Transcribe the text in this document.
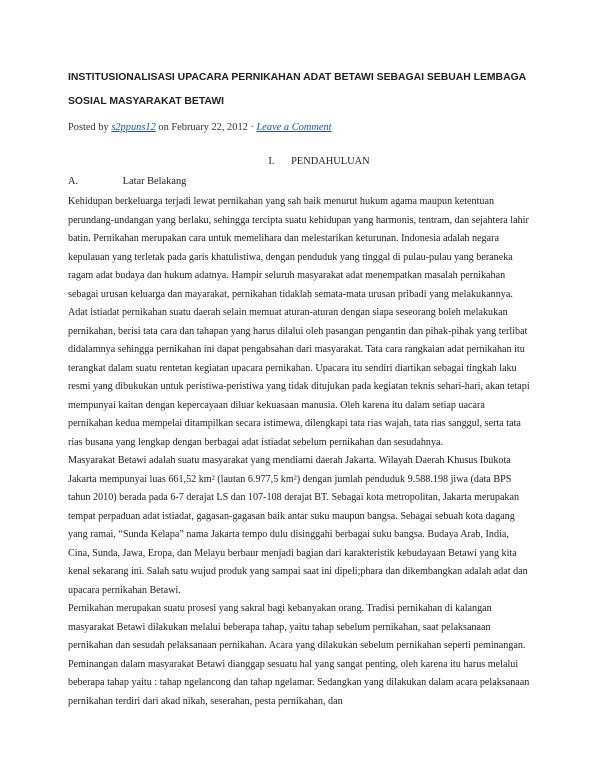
INSTITUSIONALISASI UPACARA PERNIKAHAN ADAT BETAWI SEBAGAI SEBUAH LEMBAGA
SOSIAL MASYARAKAT BETAWI
Posted by s2ppuns12 on February 22, 2012 · Leave a Comment
I. PENDAHULUAN
A.	Latar Belakang

Kehidupan berkeluarga terjadi lewat pernikahan yang sah baik menurut hukum agama maupun ketentuan perundang-undangan yang berlaku, sehingga tercipta suatu kehidupan yang harmonis, tentram, dan sejahtera lahir batin. Pernikahan merupakan cara untuk memelihara dan melestarikan keturunan. Indonesia adalah negara kepulauan yang terletak pada garis khatulistiwa, dengan penduduk yang tinggal di pulau-pulau yang beraneka ragam adat budaya dan hukum adatnya. Hampir seluruh masyarakat adat menempatkan masalah pernikahan sebagai urusan keluarga dan mayarakat, pernikahan tidaklah semata-mata urusan pribadi yang melakukannya.

Adat istiadat pernikahan suatu daerah selain memuat aturan-aturan dengan siapa seseorang boleh melakukan pernikahan, berisi tata cara dan tahapan yang harus dilalui oleh pasangan pengantin dan pihak-pihak yang terlibat didalamnya sehingga pernikahan ini dapat pengabsahan dari masyarakat. Tata cara rangkaian adat pernikahan itu terangkat dalam suatu rentetan kegiatan upacara pernikahan. Upacara itu sendiri diartikan sebagai tingkah laku resmi yang dibukukan untuk peristiwa-peristiwa yang tidak ditujukan pada kegiatan teknis sehari-hari, akan tetapi mempunyai kaitan dengan kepercayaan diluar kekuasaan manusia. Oleh karena itu dalam setiap uacara pernikahan kedua mempelai ditampilkan secara istimewa, dilengkapi tata rias wajah, tata rias sanggul, serta tata rias busana yang lengkap dengan berbagai adat istiadat sebelum pernikahan dan sesudahnya.

Masyarakat Betawi adalah suatu masyarakat yang mendiami daerah Jakarta. Wilayah Daerah Khusus Ibukota Jakarta mempunyai luas 661,52 km² (lautan 6.977,5 km²) dengan jumlah penduduk 9.588.198 jiwa (data BPS tahun 2010) berada pada 6-7 derajat LS dan 107-108 derajat BT. Sebagai kota metropolitan, Jakarta merupakan tempat perpaduan adat istiadat, gagasan-gagasan baik antar suku maupun bangsa. Sebagai sebuah kota dagang yang ramai, “Sunda Kelapa” nama Jakarta tempo dulu disinggahi berbagai suku bangsa. Budaya Arab, India, Cina, Sunda, Jawa, Eropa, dan Melayu berbaur menjadi bagian dari karakteristik kebudayaan Betawi yang kita kenal sekarang ini. Salah satu wujud produk yang sampai saat ini dipeli;phara dan dikembangkan adalah adat dan upacara pernikahan Betawi.

Pernikahan merupakan suatu prosesi yang sakral bagi kebanyakan orang. Tradisi pernikahan di kalangan masyarakat Betawi dilakukan melalui beberapa tahap, yaitu tahap sebelum pernikahan, saat pelaksanaan pernikahan dan sesudah pelaksanaan pernikahan. Acara yang dilakukan sebelum pernikahan seperti peminangan. Peminangan dalam masyarakat Betawi dianggap sesuatu hal yang sangat penting, oleh karena itu harus melalui beberapa tahap yaitu : tahap ngelancong dan tahap ngelamar. Sedangkan yang dilakukan dalam acara pelaksanaan pernikahan terdiri dari akad nikah, seserahan, pesta pernikahan, dan
